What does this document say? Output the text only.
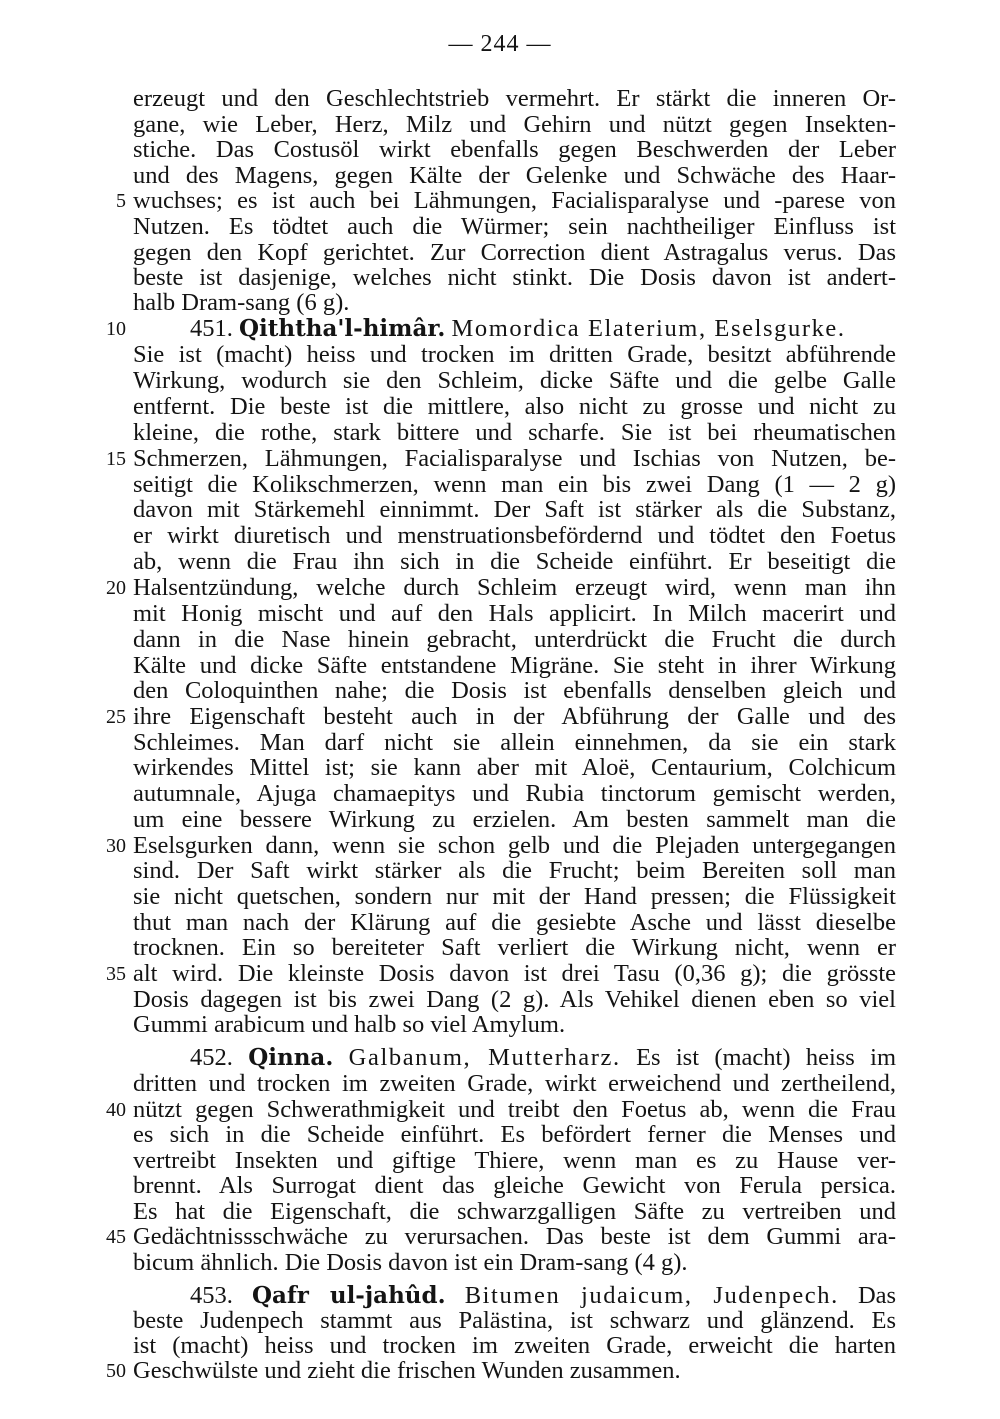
— 244 —
5
10
15
20
25
30
35
40
45
50
erzeugt und den Geschlechtstrieb vermehrt. Er stärkt die inneren Or-
gane, wie Leber, Herz, Milz und Gehirn und nützt gegen Insekten-
stiche. Das Costusöl wirkt ebenfalls gegen Beschwerden der Leber
und des Magens, gegen Kälte der Gelenke und Schwäche des Haar-
wuchses; es ist auch bei Lähmungen, Facialisparalyse und -parese von
Nutzen. Es tödtet auch die Würmer; sein nachtheiliger Einfluss ist
gegen den Kopf gerichtet. Zur Correction dient Astragalus verus. Das
beste ist dasjenige, welches nicht stinkt. Die Dosis davon ist andert-
halb Dram-sang (6 g).
451. Qiththa'l-himâr. Momordica Elaterium, Eselsgurke.
Sie ist (macht) heiss und trocken im dritten Grade, besitzt abführende
Wirkung, wodurch sie den Schleim, dicke Säfte und die gelbe Galle
entfernt. Die beste ist die mittlere, also nicht zu grosse und nicht zu
kleine, die rothe, stark bittere und scharfe. Sie ist bei rheumatischen
Schmerzen, Lähmungen, Facialisparalyse und Ischias von Nutzen, be-
seitigt die Kolikschmerzen, wenn man ein bis zwei Dang (1 — 2 g)
davon mit Stärkemehl einnimmt. Der Saft ist stärker als die Substanz,
er wirkt diuretisch und menstruationsbefördernd und tödtet den Foetus
ab, wenn die Frau ihn sich in die Scheide einführt. Er beseitigt die
Halsentzündung, welche durch Schleim erzeugt wird, wenn man ihn
mit Honig mischt und auf den Hals applicirt. In Milch macerirt und
dann in die Nase hinein gebracht, unterdrückt die Frucht die durch
Kälte und dicke Säfte entstandene Migräne. Sie steht in ihrer Wirkung
den Coloquinthen nahe; die Dosis ist ebenfalls denselben gleich und
ihre Eigenschaft besteht auch in der Abführung der Galle und des
Schleimes. Man darf nicht sie allein einnehmen, da sie ein stark
wirkendes Mittel ist; sie kann aber mit Aloë, Centaurium, Colchicum
autumnale, Ajuga chamaepitys und Rubia tinctorum gemischt werden,
um eine bessere Wirkung zu erzielen. Am besten sammelt man die
Eselsgurken dann, wenn sie schon gelb und die Plejaden untergegangen
sind. Der Saft wirkt stärker als die Frucht; beim Bereiten soll man
sie nicht quetschen, sondern nur mit der Hand pressen; die Flüssigkeit
thut man nach der Klärung auf die gesiebte Asche und lässt dieselbe
trocknen. Ein so bereiteter Saft verliert die Wirkung nicht, wenn er
alt wird. Die kleinste Dosis davon ist drei Tasu (0,36 g); die grösste
Dosis dagegen ist bis zwei Dang (2 g). Als Vehikel dienen eben so viel
Gummi arabicum und halb so viel Amylum.
452. Qinna. Galbanum, Mutterharz. Es ist (macht) heiss im
dritten und trocken im zweiten Grade, wirkt erweichend und zertheilend,
nützt gegen Schwerathmigkeit und treibt den Foetus ab, wenn die Frau
es sich in die Scheide einführt. Es befördert ferner die Menses und
vertreibt Insekten und giftige Thiere, wenn man es zu Hause ver-
brennt. Als Surrogat dient das gleiche Gewicht von Ferula persica.
Es hat die Eigenschaft, die schwarzgalligen Säfte zu vertreiben und
Gedächtnissschwäche zu verursachen. Das beste ist dem Gummi ara-
bicum ähnlich. Die Dosis davon ist ein Dram-sang (4 g).
453. Qafr ul-jahûd. Bitumen judaicum, Judenpech. Das
beste Judenpech stammt aus Palästina, ist schwarz und glänzend. Es
ist (macht) heiss und trocken im zweiten Grade, erweicht die harten
Geschwülste und zieht die frischen Wunden zusammen.
